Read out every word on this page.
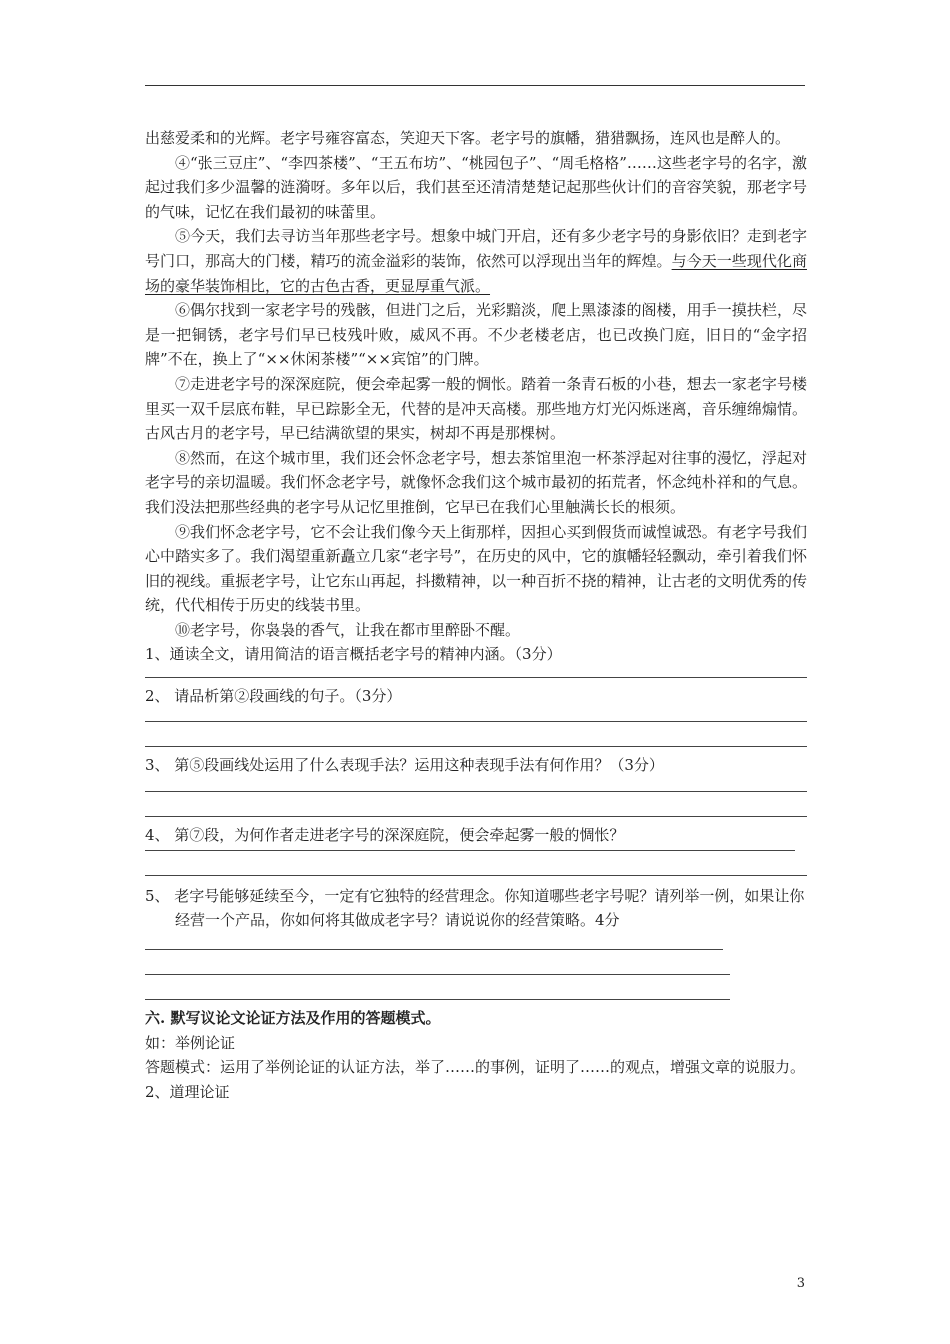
出慈爱柔和的光辉。老字号雍容富态，笑迎天下客。老字号的旗幡，猎猎飘扬，连风也是醉人的。

④“张三豆庄”、“李四茶楼”、“王五布坊”、“桃园包子”、“周毛格格”……这些老字号的名字，激起过我们多少温馨的涟漪呀。多年以后，我们甚至还清清楚楚记起那些伙计们的音容笑貌，那老字号的气味，记忆在我们最初的味蕾里。

⑤今天，我们去寻访当年那些老字号。想象中城门开启，还有多少老字号的身影依旧？走到老字号门口，那高大的门楼，精巧的流金溢彩的装饰，依然可以浮现出当年的辉煌。与今天一些现代化商场的豪华装饰相比，它的古色古香，更显厚重气派。

⑥偶尔找到一家老字号的残骸，但进门之后，光彩黯淡，爬上黑漆漆的阁楼，用手一摸扶栏，尽是一把铜锈，老字号们早已枝残叶败，威风不再。不少老楼老店，也已改换门庭，旧日的“金字招牌”不在，换上了“××休闲茶楼”“××宾馆”的门牌。

⑦走进老字号的深深庭院，便会牵起雾一般的惆怅。踏着一条青石板的小巷，想去一家老字号楼里买一双千层底布鞋，早已踪影全无，代替的是冲天高楼。那些地方灯光闪烁迷离，音乐缠绵煽情。古风古月的老字号，早已结满欲望的果实，树却不再是那棵树。

⑧然而，在这个城市里，我们还会怀念老字号，想去茶馆里泡一杯茶浮起对往事的漫忆，浮起对老字号的亲切温暖。我们怀念老字号，就像怀念我们这个城市最初的拓荒者，怀念纯朴祥和的气息。我们没法把那些经典的老字号从记忆里推倒，它早已在我们心里触满长长的根须。

⑨我们怀念老字号，它不会让我们像今天上街那样，因担心买到假货而诚惶诚恐。有老字号我们心中踏实多了。我们渴望重新矗立几家“老字号”，在历史的风中，它的旗幡轻轻飘动，牵引着我们怀旧的视线。重振老字号，让它东山再起，抖擞精神，以一种百折不挠的精神，让古老的文明优秀的传统，代代相传于历史的线装书里。

⑩老字号，你袅袅的香气，让我在都市里醉卧不醒。

1、通读全文，请用简洁的语言概括老字号的精神内涵。（3分）

2、 请品析第②段画线的句子。（3分）

3、 第⑤段画线处运用了什么表现手法？运用这种表现手法有何作用？（3分）

4、 第⑦段，为何作者走进老字号的深深庭院，便会牵起雾一般的惆怅？

5、 老字号能够延续至今，一定有它独特的经营理念。你知道哪些老字号呢？请列举一例，如果让你经营一个产品，你如何将其做成老字号？请说说你的经营策略。4分

六. 默写议论文论证方法及作用的答题模式。

如：举例论证

答题模式：运用了举例论证的认证方法，举了……的事例，证明了……的观点，增强文章的说服力。

2、道理论证

3
